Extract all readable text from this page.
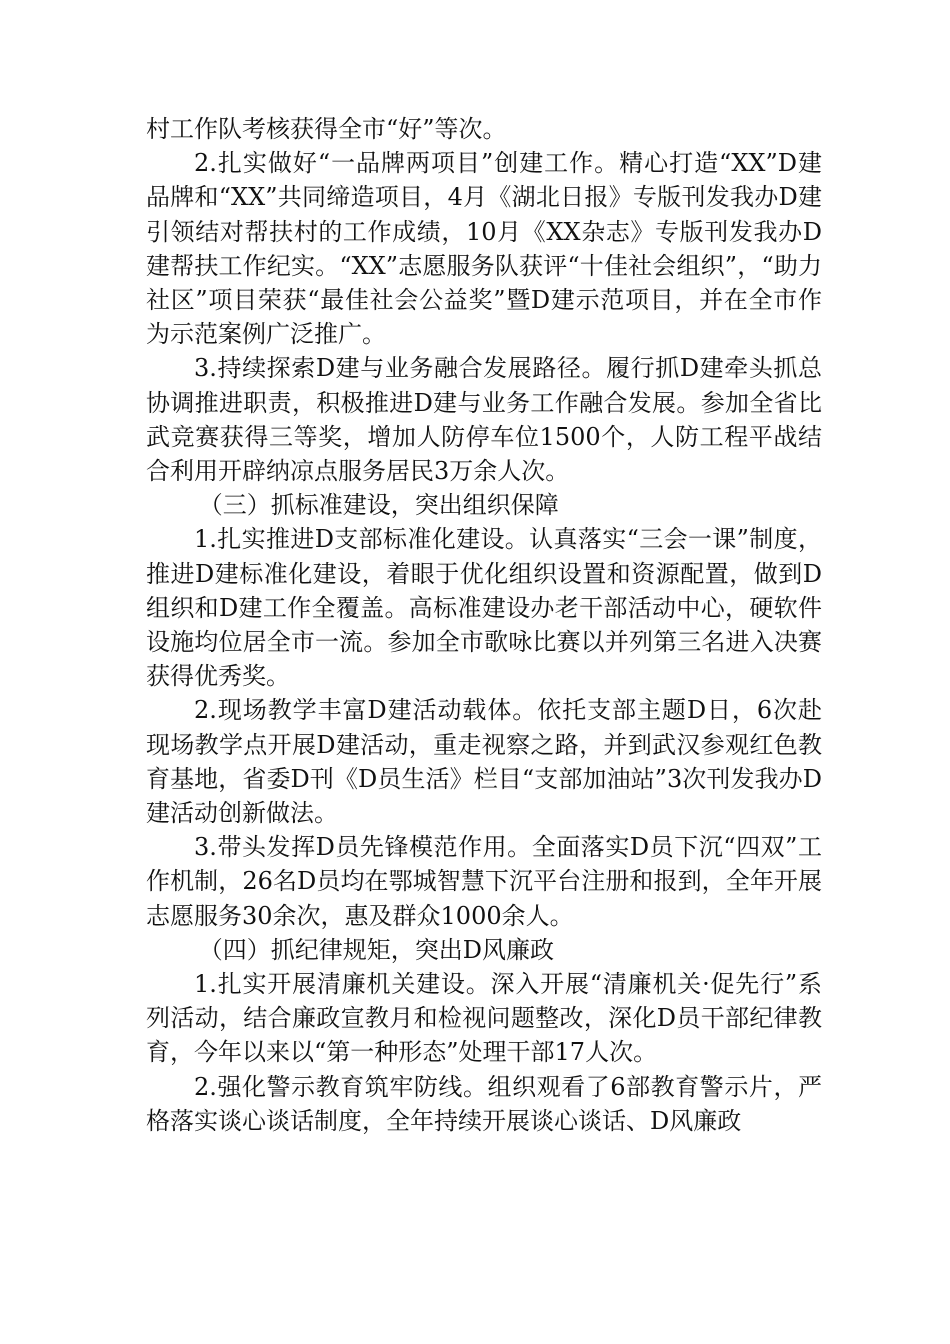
村工作队考核获得全市“好”等次。

2.扎实做好“一品牌两项目”创建工作。精心打造“XX”D建品牌和“XX”共同缔造项目，4月《湖北日报》专版刊发我办D建引领结对帮扶村的工作成绩，10月《XX杂志》专版刊发我办D建帮扶工作纪实。“XX”志愿服务队获评“十佳社会组织”，“助力社区”项目荣获“最佳社会公益奖”暨D建示范项目，并在全市作为示范案例广泛推广。

3.持续探索D建与业务融合发展路径。履行抓D建牵头抓总协调推进职责，积极推进D建与业务工作融合发展。参加全省比武竞赛获得三等奖，增加人防停车位1500个，人防工程平战结合利用开辟纳凉点服务居民3万余人次。

（三）抓标准建设，突出组织保障

1.扎实推进D支部标准化建设。认真落实“三会一课”制度，推进D建标准化建设，着眼于优化组织设置和资源配置，做到D组织和D建工作全覆盖。高标准建设办老干部活动中心，硬软件设施均位居全市一流。参加全市歌咏比赛以并列第三名进入决赛获得优秀奖。

2.现场教学丰富D建活动载体。依托支部主题D日，6次赴现场教学点开展D建活动，重走视察之路，并到武汉参观红色教育基地，省委D刊《D员生活》栏目“支部加油站”3次刊发我办D建活动创新做法。

3.带头发挥D员先锋模范作用。全面落实D员下沉“四双”工作机制，26名D员均在鄂城智慧下沉平台注册和报到，全年开展志愿服务30余次，惠及群众1000余人。

（四）抓纪律规矩，突出D风廉政

1.扎实开展清廉机关建设。深入开展“清廉机关·促先行”系列活动，结合廉政宣教月和检视问题整改，深化D员干部纪律教育，今年以来以“第一种形态”处理干部17人次。

2.强化警示教育筑牢防线。组织观看了6部教育警示片，严格落实谈心谈话制度，全年持续开展谈心谈话、D风廉政
